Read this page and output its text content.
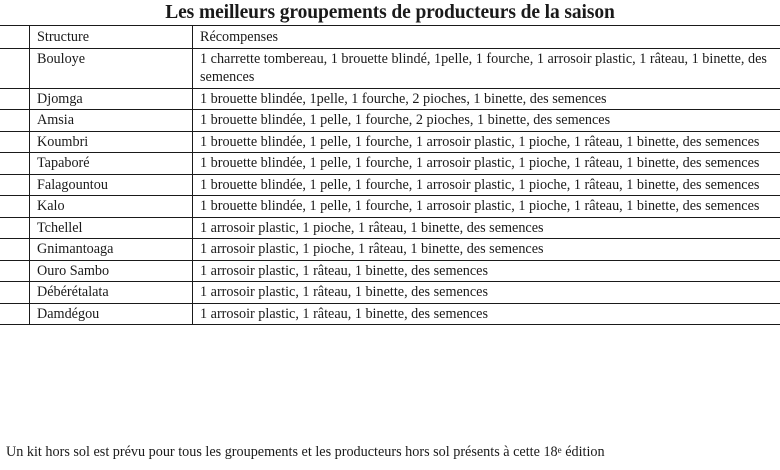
Les meilleurs groupements de producteurs de la saison
	Structure	Récompenses
	Bouloye	1 charrette tombereau, 1 brouette blindé, 1pelle, 1 fourche, 1 arrosoir plastic, 1 râteau, 1 binette, des semences
	Djomga	1 brouette blindée, 1pelle, 1 fourche, 2 pioches, 1 binette, des semences
	Amsia	1 brouette blindée, 1 pelle, 1 fourche, 2 pioches, 1 binette, des semences
	Koumbri	1 brouette blindée, 1 pelle, 1 fourche, 1 arrosoir plastic, 1 pioche, 1 râteau, 1 binette, des semences
	Tapaboré	1 brouette blindée, 1 pelle, 1 fourche, 1 arrosoir plastic, 1 pioche, 1 râteau, 1 binette, des semences
	Falagountou	1 brouette blindée, 1 pelle, 1 fourche, 1 arrosoir plastic, 1 pioche, 1 râteau, 1 binette, des semences
	Kalo	1 brouette blindée, 1 pelle, 1 fourche, 1 arrosoir plastic, 1 pioche, 1 râteau, 1 binette, des semences
	Tchellel	1 arrosoir plastic, 1 pioche, 1 râteau, 1 binette, des semences
	Gnimantoaga	1 arrosoir plastic, 1 pioche, 1 râteau, 1 binette, des semences
	Ouro Sambo	1 arrosoir plastic, 1 râteau, 1 binette, des semences
	Débérétalata	1 arrosoir plastic, 1 râteau, 1 binette, des semences
	Damdégou	1 arrosoir plastic, 1 râteau, 1 binette, des semences
Un kit hors sol est prévu pour tous les groupements et les producteurs hors sol présents à cette 18e édition
